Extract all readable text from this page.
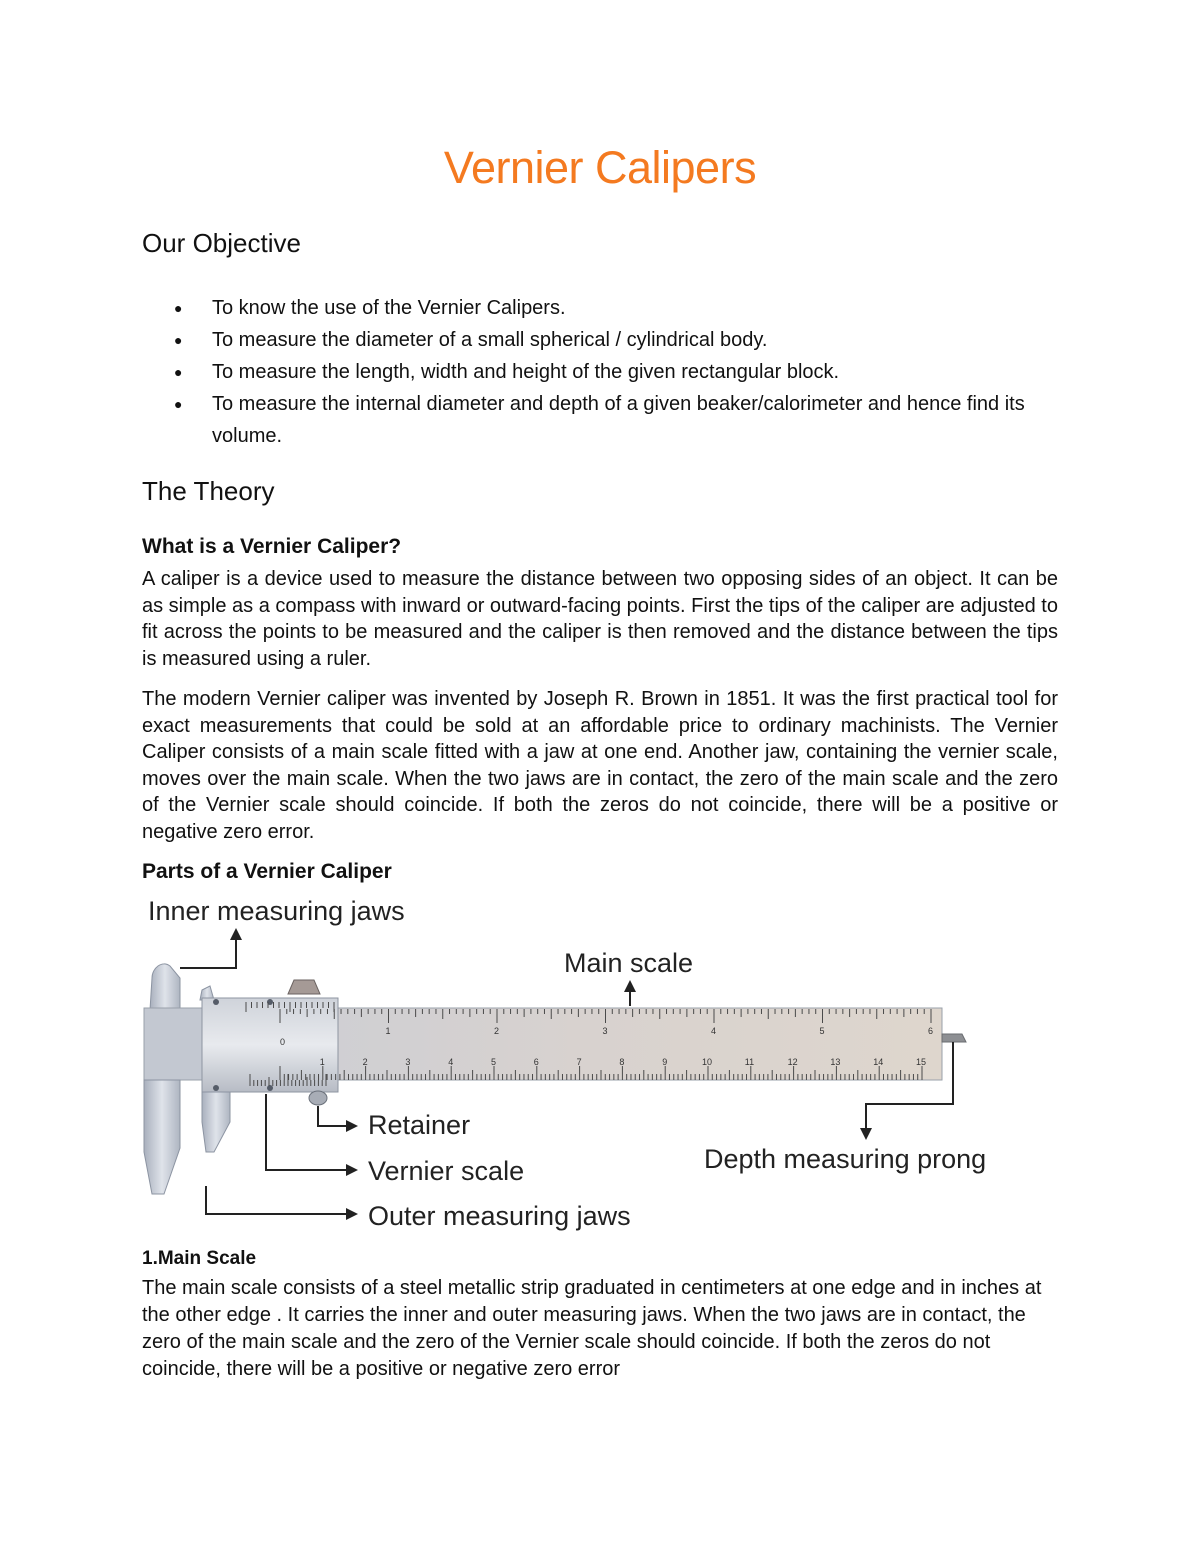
Vernier Calipers
Our Objective
● To know the use of the Vernier Calipers.
● To measure the diameter of a small spherical / cylindrical body.
● To measure the length, width and height of the given rectangular block.
● To measure the internal diameter and depth of a given beaker/calorimeter and hence find its volume.
The Theory
What is a Vernier Caliper?

A caliper is a device used to measure the distance between two opposing sides of an object. It can be as simple as a compass with inward or outward-facing points. First the tips of the caliper are adjusted to fit across the points to be measured and the caliper is then removed and the distance between the tips is measured using a ruler.

The modern Vernier caliper was invented by Joseph R. Brown in 1851. It was the first practical tool for exact measurements that could be sold at an affordable price to ordinary machinists. The Vernier Caliper consists of a main scale fitted with a jaw at one end. Another jaw, containing the vernier scale, moves over the main scale. When the two jaws are in contact, the zero of the main scale and the zero of the Vernier scale should coincide. If both the zeros do not coincide, there will be a positive or negative zero error.

Parts of a Vernier Caliper
Inner measuring jaws
Main scale
Retainer
Vernier scale
Outer measuring jaws
Depth measuring prong
1	2	3	4	5	6
1	2	3	4	5	6	7	8	9	10	11	12	13	14	15
0
1.Main Scale

The main scale consists of a steel metallic strip graduated in centimeters at one edge and in inches at the other edge . It carries the inner and outer measuring jaws. When the two jaws are in contact, the zero of the main scale and the zero of the Vernier scale should coincide. If both the zeros do not coincide, there will be a positive or negative zero error
